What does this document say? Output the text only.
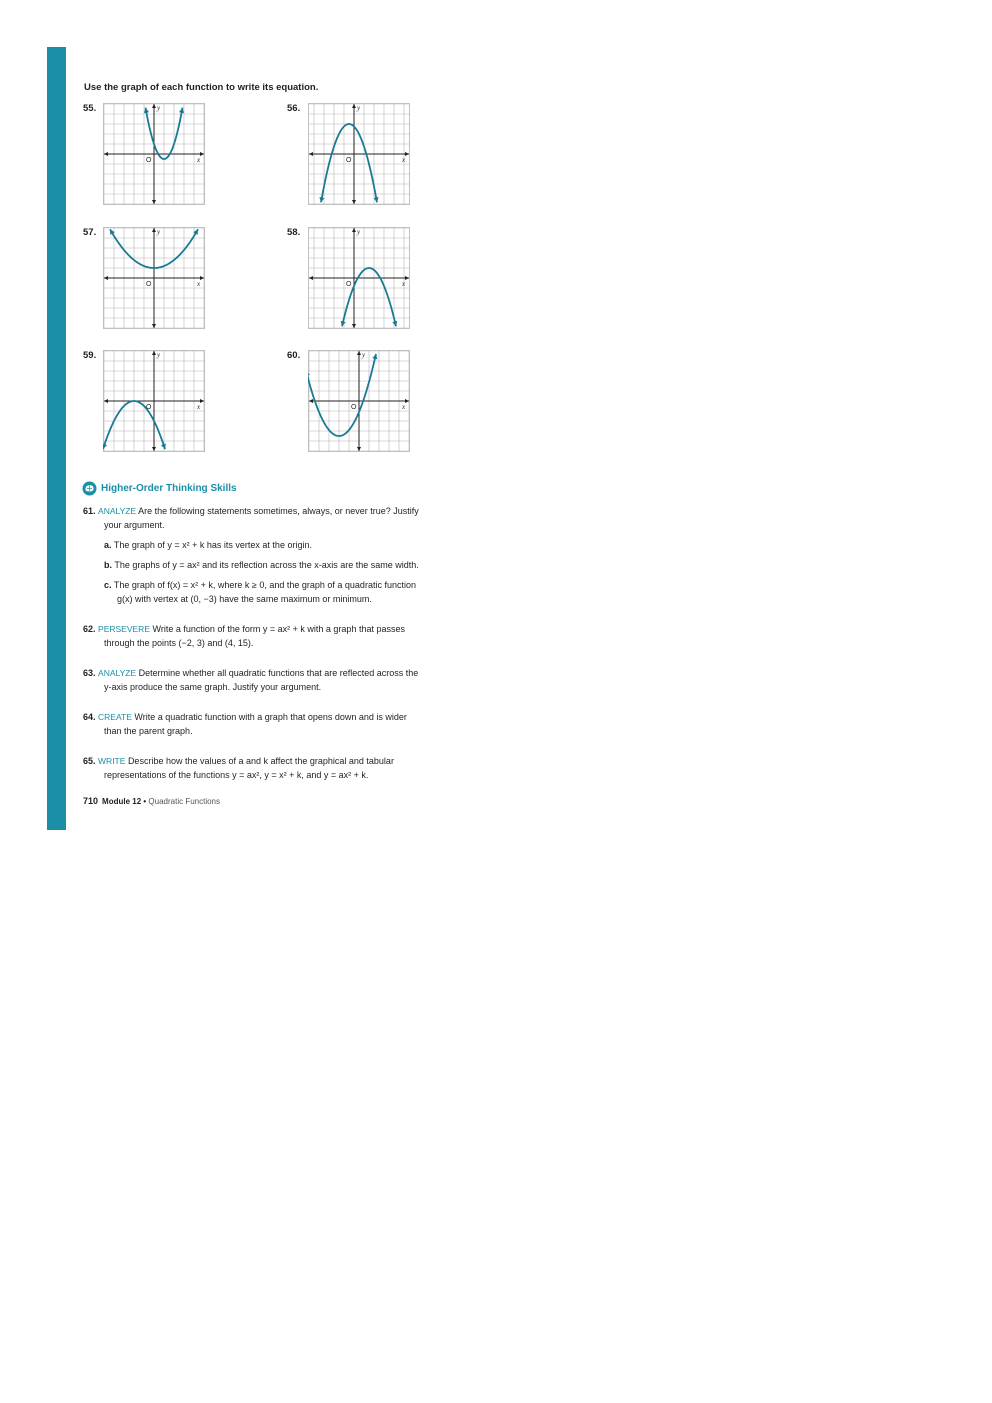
Use the graph of each function to write its equation.
55.	56.
57.	58.
59.	60.
y
x
O
y
x
O
y
x
O
y
x
O
y
x
O
y
x
O
Higher-Order Thinking Skills
61. ANALYZE Are the following statements sometimes, always, or never true? Justify
your argument.
a. The graph of y = x² + k has its vertex at the origin.
b. The graphs of y = ax² and its reflection across the x-axis are the same width.
c. The graph of f(x) = x² + k, where k ≥ 0, and the graph of a quadratic function
g(x) with vertex at (0, −3) have the same maximum or minimum.
62. PERSEVERE Write a function of the form y = ax² + k with a graph that passes
through the points (−2, 3) and (4, 15).
63. ANALYZE Determine whether all quadratic functions that are reflected across the
y-axis produce the same graph. Justify your argument.
64. CREATE Write a quadratic function with a graph that opens down and is wider
than the parent graph.
65. WRITE Describe how the values of a and k affect the graphical and tabular
representations of the functions y = ax², y = x² + k, and y = ax² + k.
710 Module 12 • Quadratic Functions
